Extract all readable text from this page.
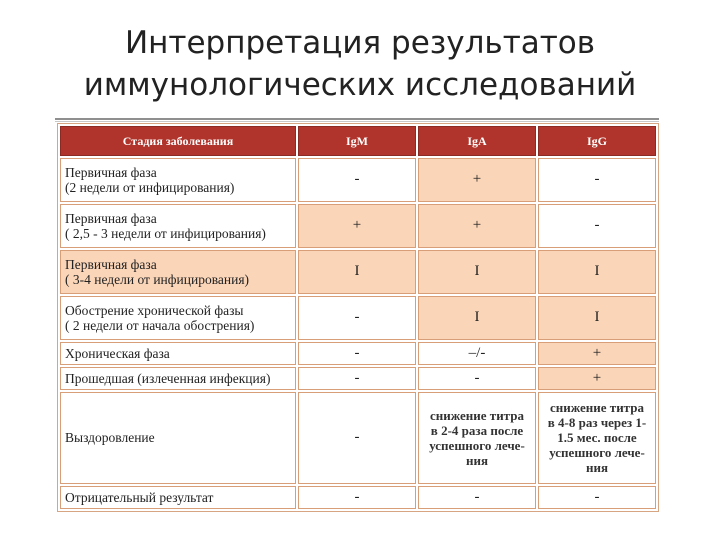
Интерпретация результатов
иммунологических исследований
Стадия заболевания	IgM	IgA	IgG
Первичная фаза
(2 недели от инфицирования)	-	+	-
Первичная фаза
( 2,5 - 3 недели от инфицирования)	+	+	-
Первичная фаза
( 3-4 недели от инфицирования)	I	I	I
Обострение хронической фазы
( 2 недели от начала обострения)	-	I	I
Хроническая фаза	-	–/-	+
Прошедшая (излеченная инфекция)	-	-	+
Выздоровление	-	снижение титра
в 2-4 раза после
успешного лече-
ния	снижение титра
в 4-8 раз через 1-
1.5 мес. после
успешного лече-
ния
Отрицательный результат	-	-	-
